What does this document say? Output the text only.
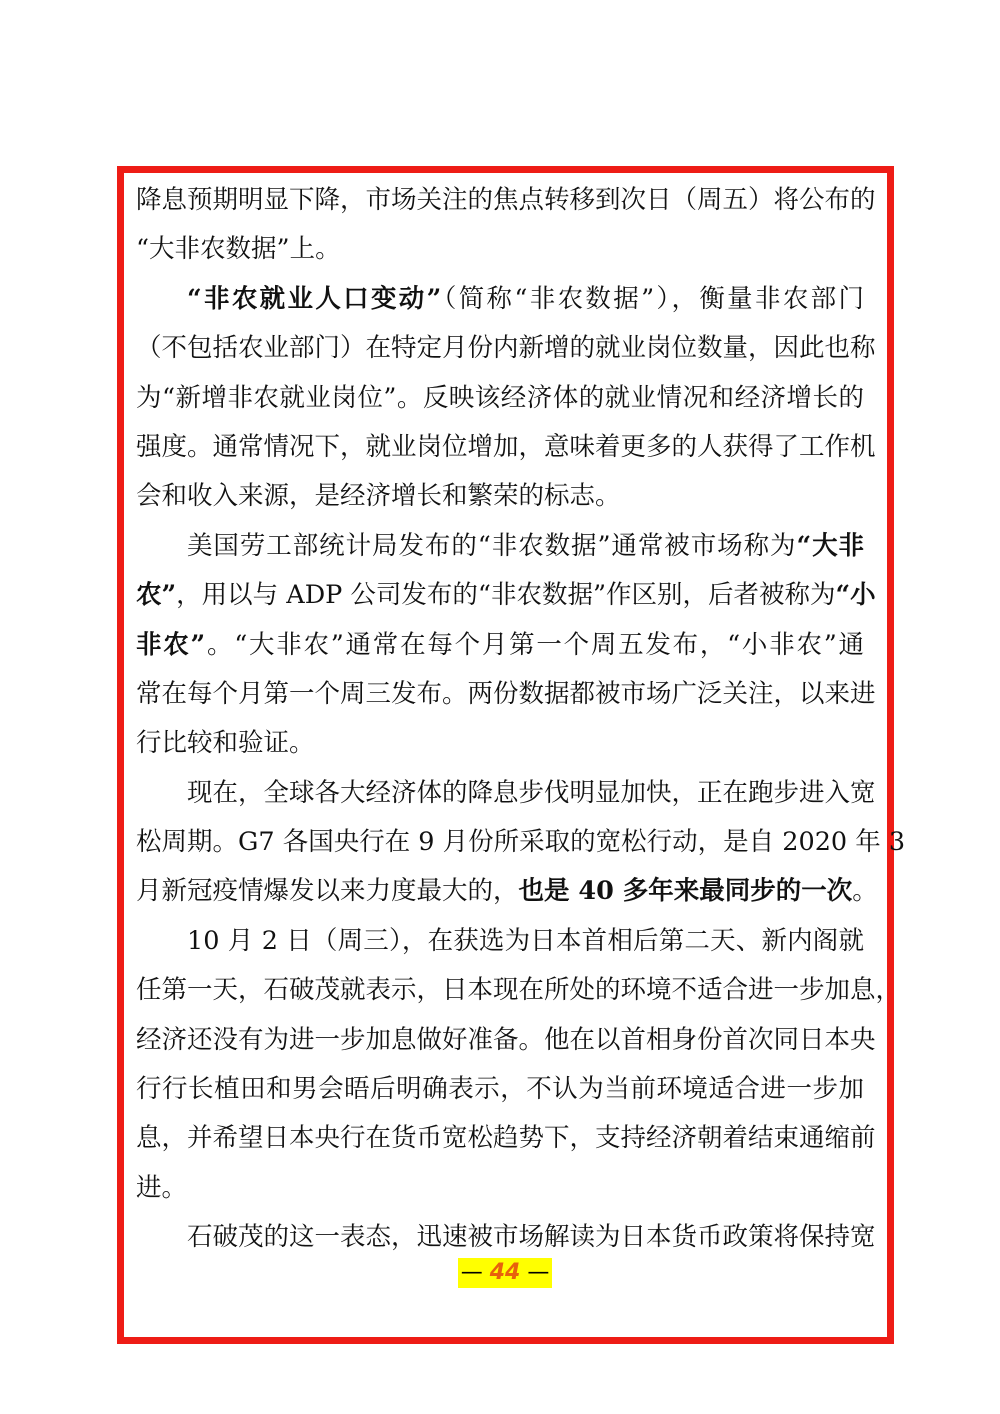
降息预期明显下降，市场关注的焦点转移到次日（周五）将公布的
“大非农数据”上。
“非农就业人口变动”（简称“非农数据”），衡量非农部门
（不包括农业部门）在特定月份内新增的就业岗位数量，因此也称
为“新增非农就业岗位”。反映该经济体的就业情况和经济增长的
强度。通常情况下，就业岗位增加，意味着更多的人获得了工作机
会和收入来源，是经济增长和繁荣的标志。
美国劳工部统计局发布的“非农数据”通常被市场称为“大非
农”，用以与 ADP 公司发布的“非农数据”作区别，后者被称为“小
非农”。“大非农”通常在每个月第一个周五发布，“小非农”通
常在每个月第一个周三发布。两份数据都被市场广泛关注，以来进
行比较和验证。
现在，全球各大经济体的降息步伐明显加快，正在跑步进入宽
松周期。G7 各国央行在 9 月份所采取的宽松行动，是自 2020 年 3
月新冠疫情爆发以来力度最大的，也是 40 多年来最同步的一次。
10 月 2 日（周三），在获选为日本首相后第二天、新内阁就
任第一天，石破茂就表示，日本现在所处的环境不适合进一步加息，
经济还没有为进一步加息做好准备。他在以首相身份首次同日本央
行行长植田和男会晤后明确表示，不认为当前环境适合进一步加
息，并希望日本央行在货币宽松趋势下，支持经济朝着结束通缩前
进。
石破茂的这一表态，迅速被市场解读为日本货币政策将保持宽
— 44 —
